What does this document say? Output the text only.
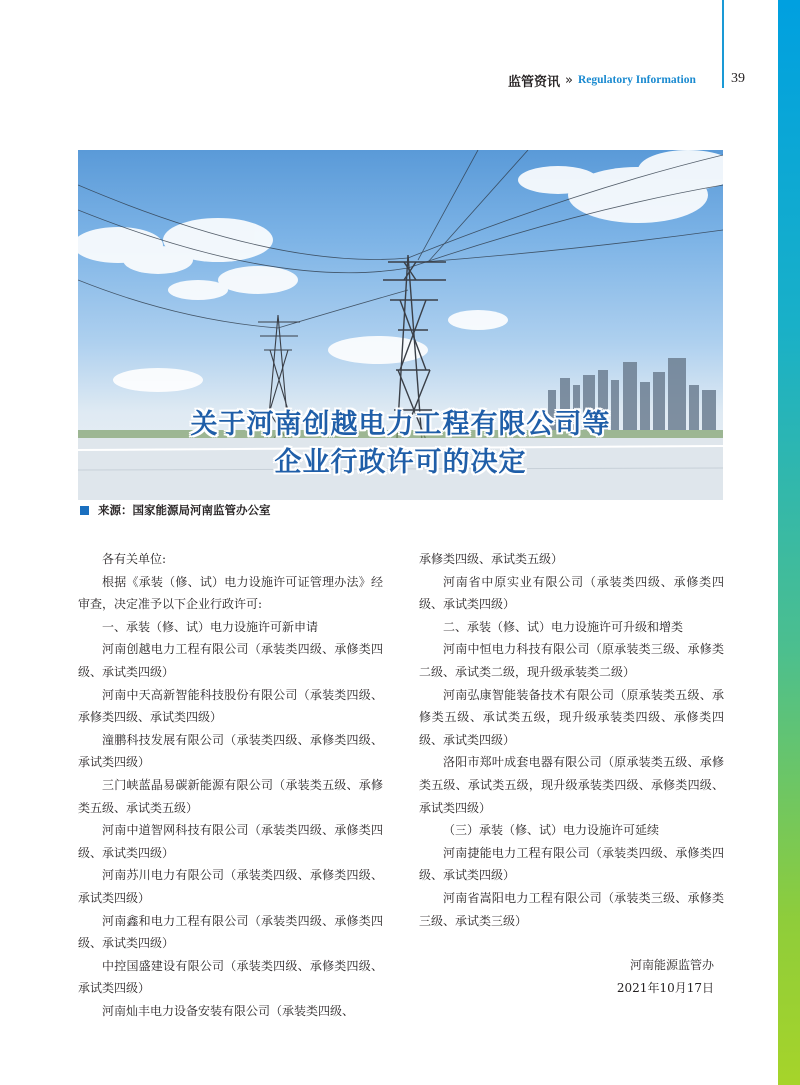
监管资讯 » Regulatory Information	39
关于河南创越电力工程有限公司等
企业行政许可的决定
来源：国家能源局河南监管办公室

各有关单位:

根据《承装（修、试）电力设施许可证管理办法》经审查，决定准予以下企业行政许可:

一、承装（修、试）电力设施许可新申请

河南创越电力工程有限公司（承装类四级、承修类四级、承试类四级）

河南中天高新智能科技股份有限公司（承装类四级、承修类四级、承试类四级）

潼鹏科技发展有限公司（承装类四级、承修类四级、承试类四级）

三门峡蓝晶易碳新能源有限公司（承装类五级、承修类五级、承试类五级）

河南中道智网科技有限公司（承装类四级、承修类四级、承试类四级）

河南苏川电力有限公司（承装类四级、承修类四级、承试类四级）

河南鑫和电力工程有限公司（承装类四级、承修类四级、承试类四级）

中控国盛建设有限公司（承装类四级、承修类四级、承试类四级）

河南灿丰电力设备安装有限公司（承装类四级、

承修类四级、承试类五级）

河南省中原实业有限公司（承装类四级、承修类四级、承试类四级）

二、承装（修、试）电力设施许可升级和增类

河南中恒电力科技有限公司（原承装类三级、承修类二级、承试类二级，现升级承装类二级）

河南弘康智能装备技术有限公司（原承装类五级、承修类五级、承试类五级，现升级承装类四级、承修类四级、承试类四级）

洛阳市郑叶成套电器有限公司（原承装类五级、承修类五级、承试类五级，现升级承装类四级、承修类四级、承试类四级）

（三）承装（修、试）电力设施许可延续

河南捷能电力工程有限公司（承装类四级、承修类四级、承试类四级）

河南省嵩阳电力工程有限公司（承装类三级、承修类三级、承试类三级）

河南能源监管办

2021年10月17日
